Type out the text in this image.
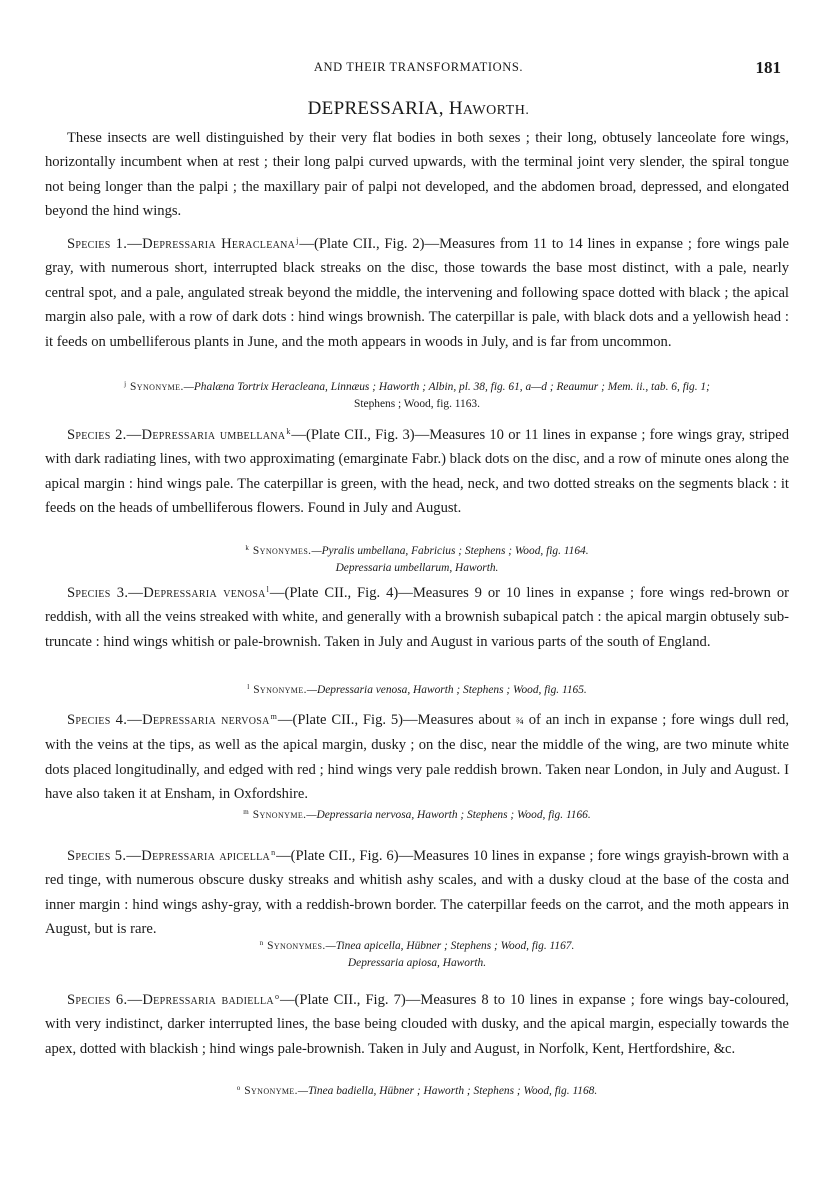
AND THEIR TRANSFORMATIONS.	181
DEPRESSARIA, HAWORTH.

These insects are well distinguished by their very flat bodies in both sexes ; their long, obtusely lanceolate fore wings, horizontally incumbent when at rest ; their long palpi curved upwards, with the terminal joint very slender, the spiral tongue not being longer than the palpi ; the maxillary pair of palpi not developed, and the abdomen broad, depressed, and elongated beyond the hind wings.

Species 1.—Depressaria Heracleana$^j$—(Plate CII., Fig. 2)—Measures from 11 to 14 lines in expanse ; fore wings pale gray, with numerous short, interrupted black streaks on the disc, those towards the base most distinct, with a pale, nearly central spot, and a pale, angulated streak beyond the middle, the intervening and following space dotted with black ; the apical margin also pale, with a row of dark dots : hind wings brownish. The caterpillar is pale, with black dots and a yellowish head : it feeds on umbelliferous plants in June, and the moth appears in woods in July, and is far from uncommon.

$^j$ Synonyme.—Phalæna Tortrix Heracleana, Linnæus ; Haworth ; Albin, pl. 38, fig. 61, a—d ; Reaumur ; Mem. ii., tab. 6, fig. 1;

Stephens ; Wood, fig. 1163.

Species 2.—Depressaria umbellana$^k$—(Plate CII., Fig. 3)—Measures 10 or 11 lines in expanse ; fore wings gray, striped with dark radiating lines, with two approximating (emarginate Fabr.) black dots on the disc, and a row of minute ones along the apical margin : hind wings pale. The caterpillar is green, with the head, neck, and two dotted streaks on the segments black : it feeds on the heads of umbelliferous flowers. Found in July and August.

$^k$ Synonymes.—Pyralis umbellana, Fabricius ; Stephens ; Wood, fig. 1164.

Depressaria umbellarum, Haworth.

Species 3.—Depressaria venosa$^l$—(Plate CII., Fig. 4)—Measures 9 or 10 lines in expanse ; fore wings red-brown or reddish, with all the veins streaked with white, and generally with a brownish subapical patch : the apical margin obtusely sub-truncate : hind wings whitish or pale-brownish. Taken in July and August in various parts of the south of England.

$^l$ Synonyme.—Depressaria venosa, Haworth ; Stephens ; Wood, fig. 1165.

Species 4.—Depressaria nervosa$^m$—(Plate CII., Fig. 5)—Measures about ¾ of an inch in expanse ; fore wings dull red, with the veins at the tips, as well as the apical margin, dusky ; on the disc, near the middle of the wing, are two minute white dots placed longitudinally, and edged with red ; hind wings very pale reddish brown. Taken near London, in July and August. I have also taken it at Ensham, in Oxfordshire.

$^m$ Synonyme.—Depressaria nervosa, Haworth ; Stephens ; Wood, fig. 1166.

Species 5.—Depressaria apicella$^n$—(Plate CII., Fig. 6)—Measures 10 lines in expanse ; fore wings grayish-brown with a red tinge, with numerous obscure dusky streaks and whitish ashy scales, and with a dusky cloud at the base of the costa and inner margin : hind wings ashy-gray, with a reddish-brown border. The caterpillar feeds on the carrot, and the moth appears in August, but is rare.

$^n$ Synonymes.—Tinea apicella, Hübner ; Stephens ; Wood, fig. 1167.

Depressaria apiosa, Haworth.

Species 6.—Depressaria badiella$^o$—(Plate CII., Fig. 7)—Measures 8 to 10 lines in expanse ; fore wings bay-coloured, with very indistinct, darker interrupted lines, the base being clouded with dusky, and the apical margin, especially towards the apex, dotted with blackish ; hind wings pale-brownish. Taken in July and August, in Norfolk, Kent, Hertfordshire, &c.

$^o$ Synonyme.—Tinea badiella, Hübner ; Haworth ; Stephens ; Wood, fig. 1168.
